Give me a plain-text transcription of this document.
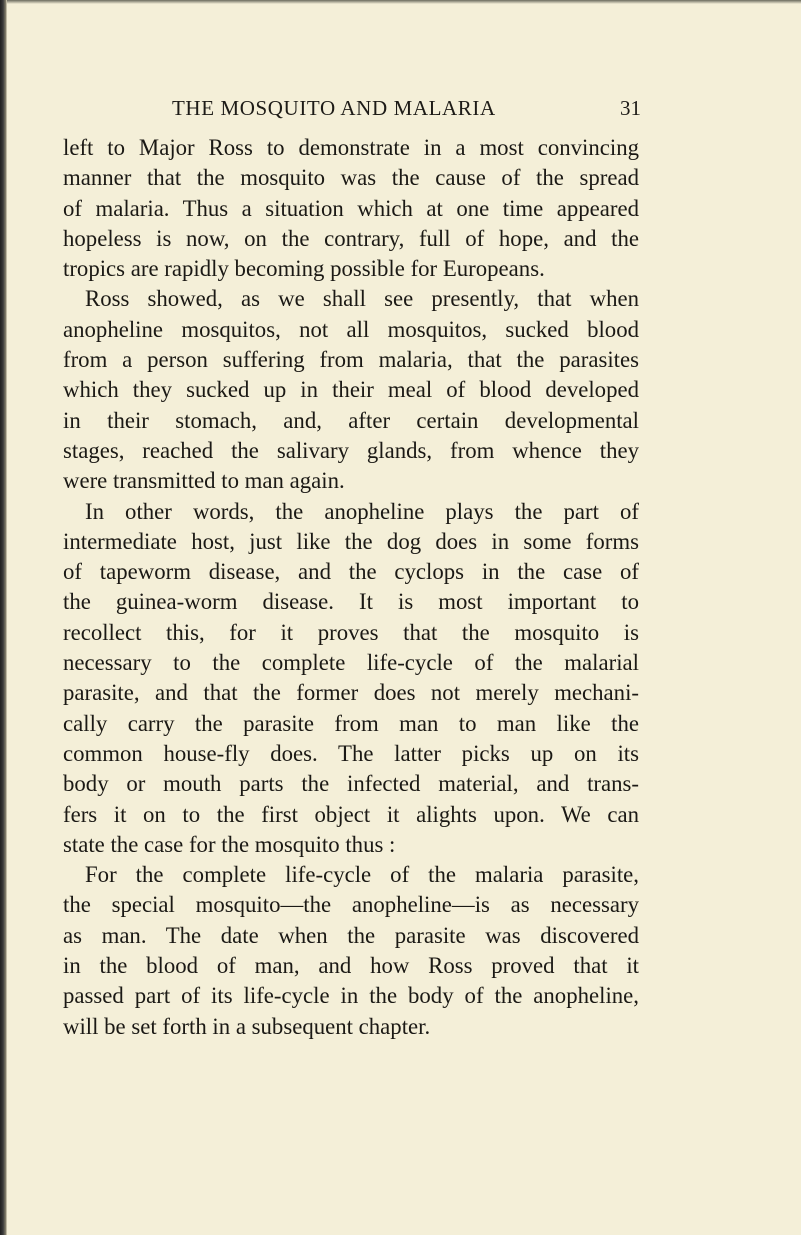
THE MOSQUITO AND MALARIA	31
left to Major Ross to demonstrate in a most convincing
manner that the mosquito was the cause of the spread
of malaria. Thus a situation which at one time appeared
hopeless is now, on the contrary, full of hope, and the
tropics are rapidly becoming possible for Europeans.
Ross showed, as we shall see presently, that when
anopheline mosquitos, not all mosquitos, sucked blood
from a person suffering from malaria, that the parasites
which they sucked up in their meal of blood developed
in their stomach, and, after certain developmental
stages, reached the salivary glands, from whence they
were transmitted to man again.
In other words, the anopheline plays the part of
intermediate host, just like the dog does in some forms
of tapeworm disease, and the cyclops in the case of
the guinea-worm disease. It is most important to
recollect this, for it proves that the mosquito is
necessary to the complete life-cycle of the malarial
parasite, and that the former does not merely mechani-
cally carry the parasite from man to man like the
common house-fly does. The latter picks up on its
body or mouth parts the infected material, and trans-
fers it on to the first object it alights upon. We can
state the case for the mosquito thus :
For the complete life-cycle of the malaria parasite,
the special mosquito—the anopheline—is as necessary
as man. The date when the parasite was discovered
in the blood of man, and how Ross proved that it
passed part of its life-cycle in the body of the anopheline,
will be set forth in a subsequent chapter.
